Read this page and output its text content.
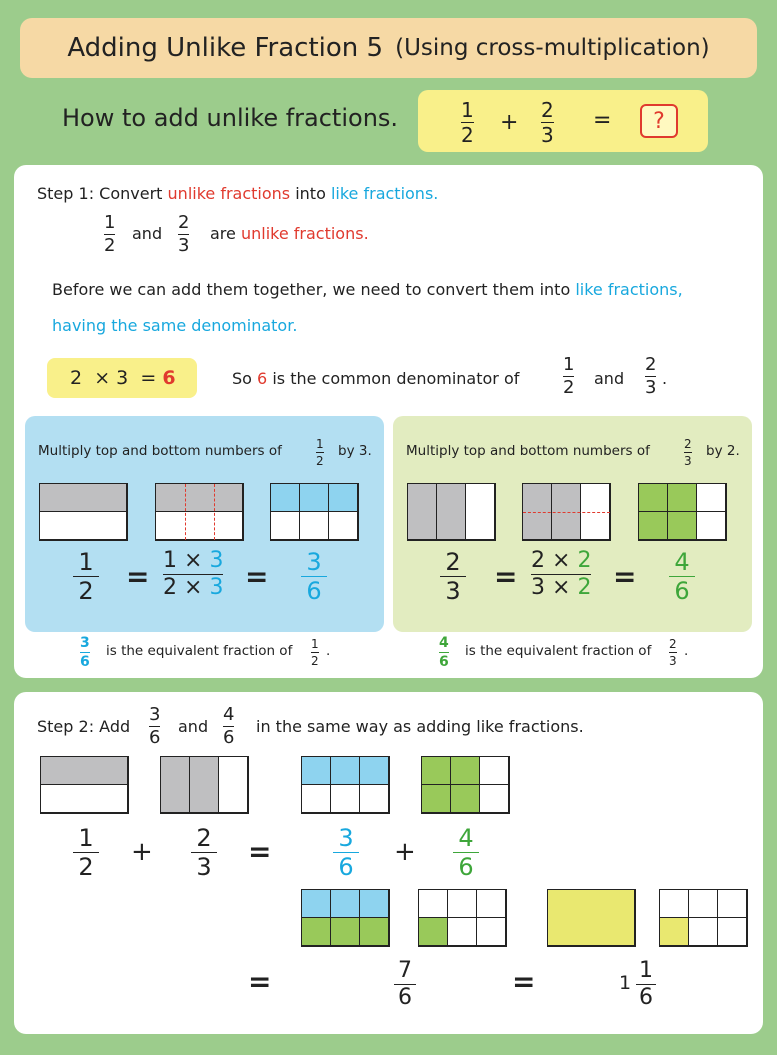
Adding Unlike Fraction 5 (Using cross-multiplication)
How to add unlike fractions.	1
2 + 2
3
=	?
Step 1: Convert unlike fractions into like fractions.
1
2
and
2
3
are unlike fractions.
Before we can add them together, we need to convert them into like fractions,
having the same denominator.
2 × 3 = 6	So 6 is the common denominator of
1
2 and
2
3 .
Multiply top and bottom numbers of	1
2
by 3.
1
2 = 1 × 3
2 × 3 = 3
6
Multiply top and bottom numbers of	2
3
by 2.
2
3 = 2 × 2
3 × 2 = 4
6
3
6
is the equivalent fraction of 1
2
.	4
6
is the equivalent fraction of 2
3
.
Step 2: Add
3
6
and
4
6
in the same way as adding like fractions.
1
2 + 2
3 =	3
6 + 4
6
=	7
6	=	1 1
6
